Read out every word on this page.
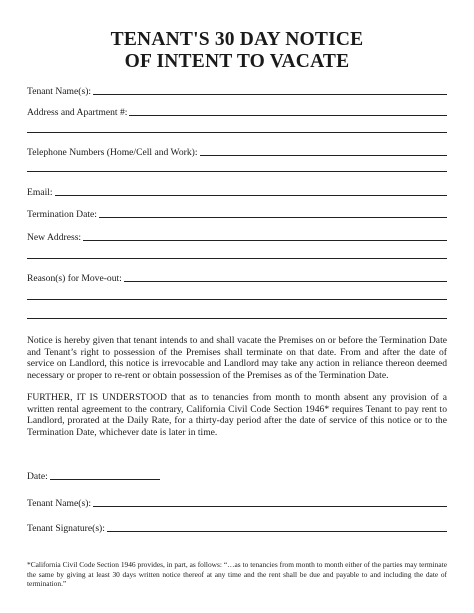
TENANT'S 30 DAY NOTICE
OF INTENT TO VACATE
Tenant Name(s):
Address and Apartment #:
Telephone Numbers (Home/Cell and Work):
Email:
Termination Date:
New Address:
Reason(s) for Move-out:
Notice is hereby given that tenant intends to and shall vacate the Premises on or before the Termination Date and Tenant’s right to possession of the Premises shall terminate on that date. From and after the date of service on Landlord, this notice is irrevocable and Landlord may take any action in reliance thereon deemed necessary or proper to re-rent or obtain possession of the Premises as of the Termination Date.
FURTHER, IT IS UNDERSTOOD that as to tenancies from month to month absent any provision of a written rental agreement to the contrary, California Civil Code Section 1946* requires Tenant to pay rent to Landlord, prorated at the Daily Rate, for a thirty-day period after the date of service of this notice or to the Termination Date, whichever date is later in time.
Date:
Tenant Name(s):
Tenant Signature(s):
*California Civil Code Section 1946 provides, in part, as follows: “…as to tenancies from month to month either of the parties may terminate the same by giving at least 30 days written notice thereof at any time and the rent shall be due and payable to and including the date of termination.”
